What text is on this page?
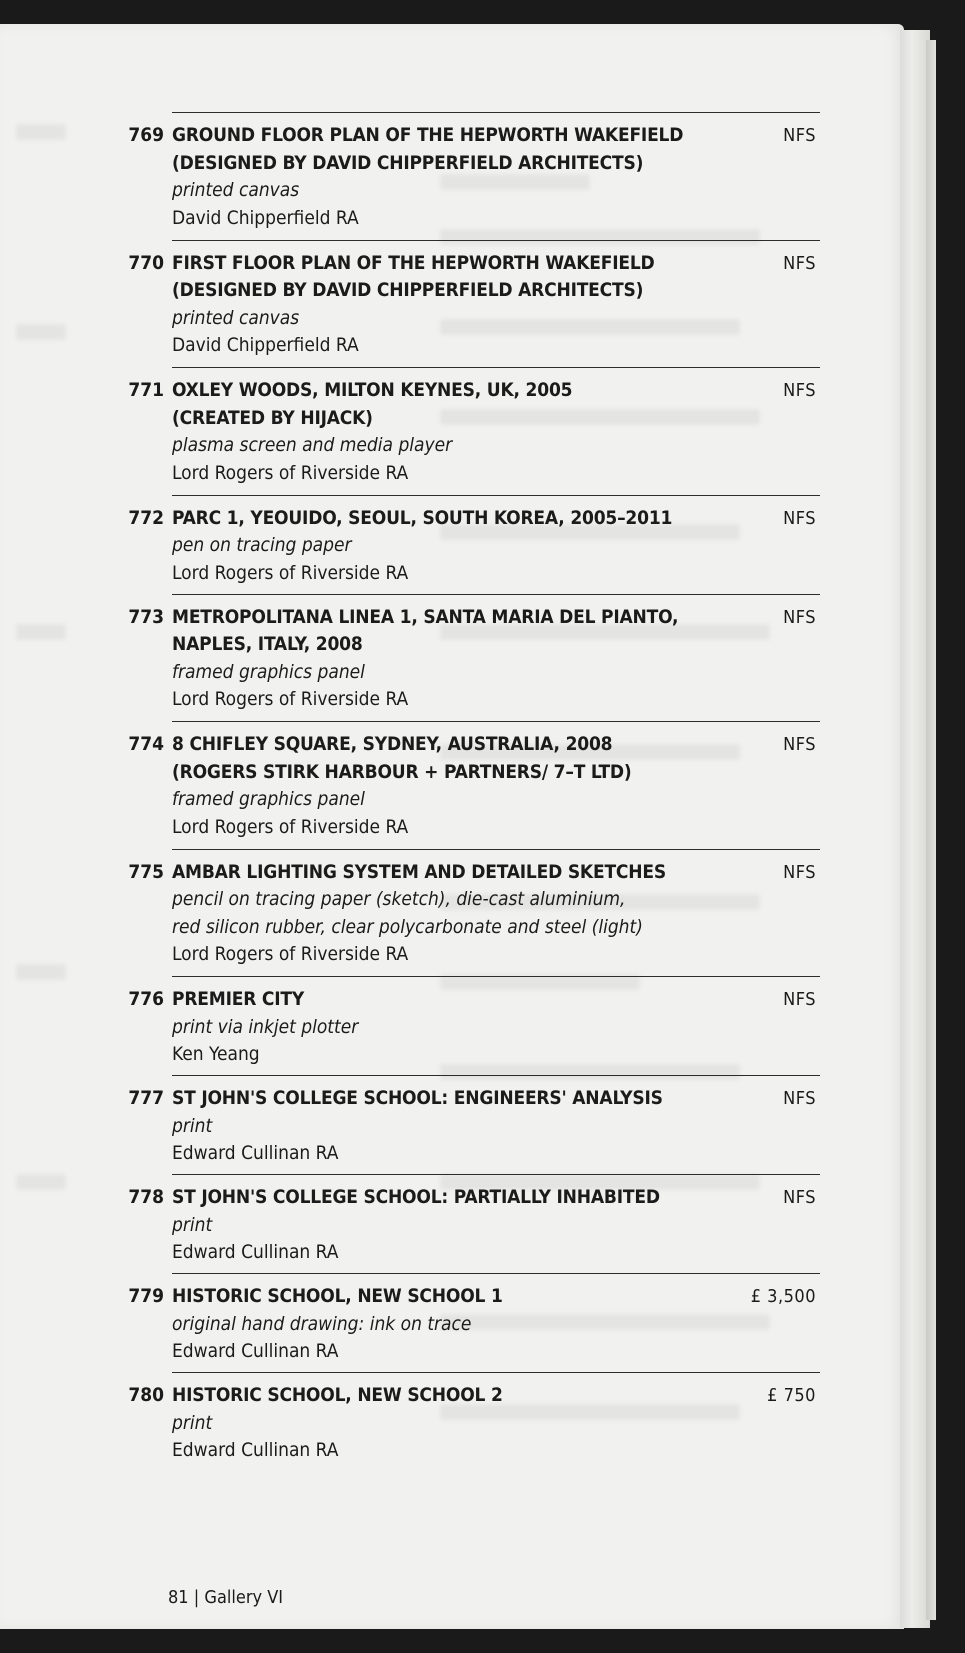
769 GROUND FLOOR PLAN OF THE HEPWORTH WAKEFIELD
(DESIGNED BY DAVID CHIPPERFIELD ARCHITECTS)
printed canvas
David Chipperfield RA
NFS
770 FIRST FLOOR PLAN OF THE HEPWORTH WAKEFIELD
(DESIGNED BY DAVID CHIPPERFIELD ARCHITECTS)
printed canvas
David Chipperfield RA
NFS
771 OXLEY WOODS, MILTON KEYNES, UK, 2005
(CREATED BY HIJACK)
plasma screen and media player
Lord Rogers of Riverside RA
NFS
772 PARC 1, YEOUIDO, SEOUL, SOUTH KOREA, 2005–2011
pen on tracing paper
Lord Rogers of Riverside RA
NFS
773 METROPOLITANA LINEA 1, SANTA MARIA DEL PIANTO,
NAPLES, ITALY, 2008
framed graphics panel
Lord Rogers of Riverside RA
NFS
774 8 CHIFLEY SQUARE, SYDNEY, AUSTRALIA, 2008
(ROGERS STIRK HARBOUR + PARTNERS/ 7–T LTD)
framed graphics panel
Lord Rogers of Riverside RA
NFS
775 AMBAR LIGHTING SYSTEM AND DETAILED SKETCHES
pencil on tracing paper (sketch), die-cast aluminium,
red silicon rubber, clear polycarbonate and steel (light)
Lord Rogers of Riverside RA
NFS
776 PREMIER CITY
print via inkjet plotter
Ken Yeang
NFS
777 ST JOHN'S COLLEGE SCHOOL: ENGINEERS' ANALYSIS
print
Edward Cullinan RA
NFS
778 ST JOHN'S COLLEGE SCHOOL: PARTIALLY INHABITED
print
Edward Cullinan RA
NFS
779 HISTORIC SCHOOL, NEW SCHOOL 1
original hand drawing: ink on trace
Edward Cullinan RA
£ 3,500
780 HISTORIC SCHOOL, NEW SCHOOL 2
print
Edward Cullinan RA
£ 750
81 | Gallery VI
